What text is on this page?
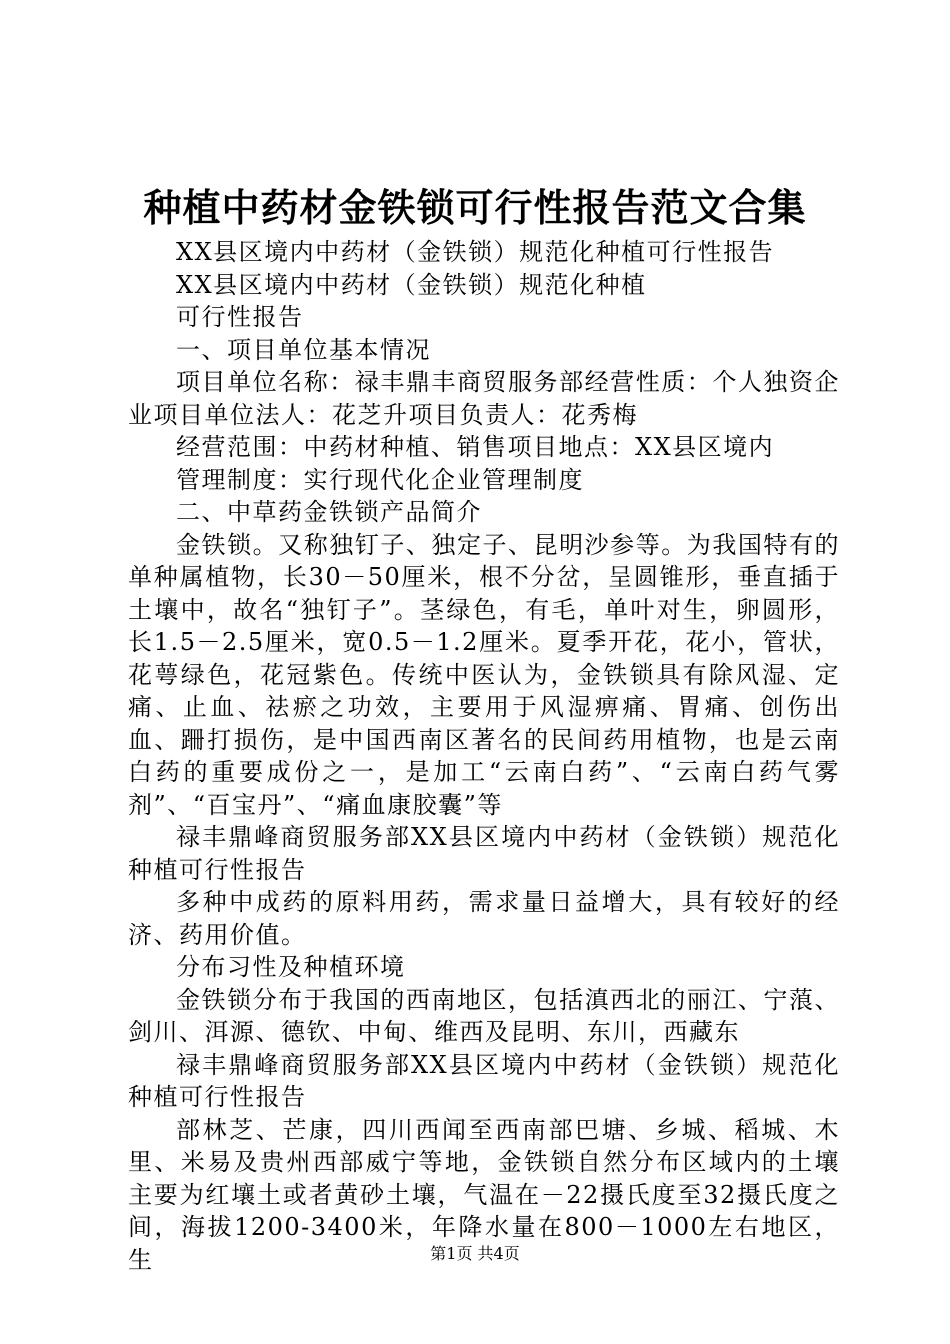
种植中药材金铁锁可行性报告范文合集

XX县区境内中药材（金铁锁）规范化种植可行性报告

XX县区境内中药材（金铁锁）规范化种植

可行性报告

一、项目单位基本情况

项目单位名称：禄丰鼎丰商贸服务部经营性质：个人独资企业项目单位法人：花芝升项目负责人：花秀梅

经营范围：中药材种植、销售项目地点：XX县区境内

管理制度：实行现代化企业管理制度

二、中草药金铁锁产品简介

金铁锁。又称独钉子、独定子、昆明沙参等。为我国特有的单种属植物，长30－50厘米，根不分岔，呈圆锥形，垂直插于土壤中，故名“独钉子”。茎绿色，有毛，单叶对生，卵圆形，长1.5－2.5厘米，宽0.5－1.2厘米。夏季开花，花小，管状，花萼绿色，花冠紫色。传统中医认为，金铁锁具有除风湿、定痛、止血、祛瘀之功效，主要用于风湿痹痛、胃痛、创伤出血、跚打损伤，是中国西南区著名的民间药用植物，也是云南白药的重要成份之一，是加工“云南白药”、“云南白药气雾剂”、“百宝丹”、“痛血康胶囊”等

禄丰鼎峰商贸服务部XX县区境内中药材（金铁锁）规范化种植可行性报告

多种中成药的原料用药，需求量日益增大，具有较好的经济、药用价值。

分布习性及种植环境

金铁锁分布于我国的西南地区，包括滇西北的丽江、宁蒗、剑川、洱源、德钦、中甸、维西及昆明、东川，西藏东

禄丰鼎峰商贸服务部XX县区境内中药材（金铁锁）规范化种植可行性报告

部林芝、芒康，四川西闻至西南部巴塘、乡城、稻城、木里、米易及贵州西部威宁等地，金铁锁自然分布区域内的土壤主要为红壤土或者黄砂土壤，气温在－22摄氏度至32摄氏度之间，海拔1200-3400米，年降水量在800－1000左右地区，生	第1页 共4页
